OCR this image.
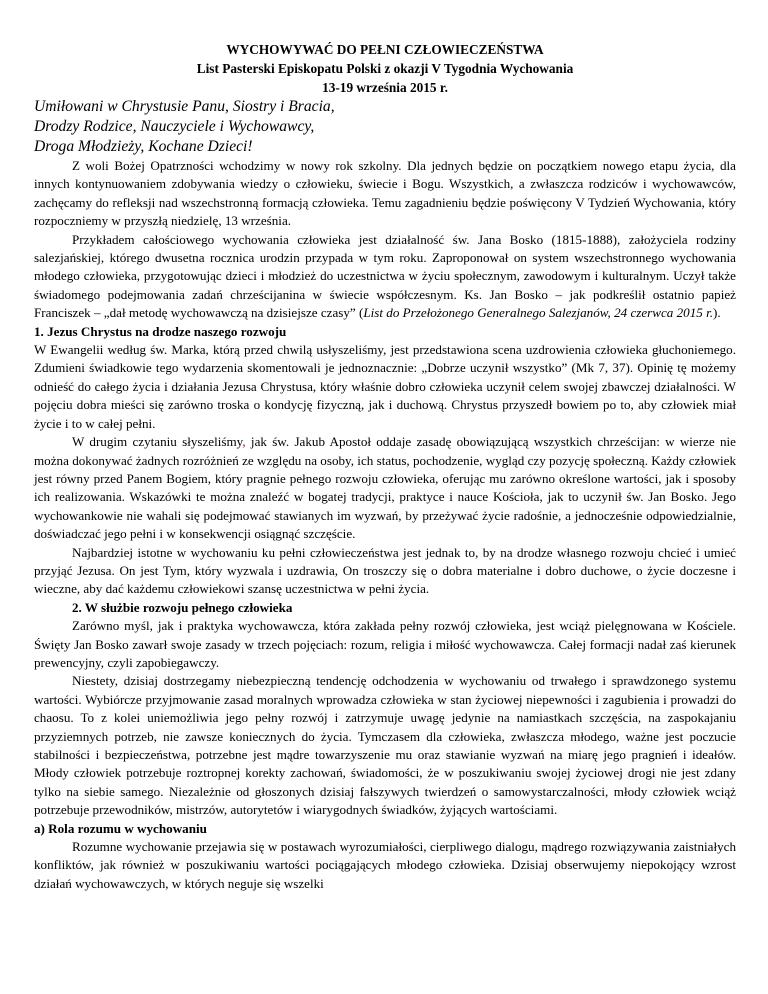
WYCHOWYWAĆ DO PEŁNI CZŁOWIECZEŃSTWA

List Pasterski Episkopatu Polski z okazji V Tygodnia Wychowania

13-19 września 2015 r.

Umiłowani w Chrystusie Panu, Siostry i Bracia,

Drodzy Rodzice, Nauczyciele i Wychowawcy,

Droga Młodzieży, Kochane Dzieci!

Z woli Bożej Opatrzności wchodzimy w nowy rok szkolny. Dla jednych będzie on początkiem nowego etapu życia, dla innych kontynuowaniem zdobywania wiedzy o człowieku, świecie i Bogu. Wszystkich, a zwłaszcza rodziców i wychowawców, zachęcamy do refleksji nad wszechstronną formacją człowieka. Temu zagadnieniu będzie poświęcony V Tydzień Wychowania, który rozpoczniemy w przyszłą niedzielę, 13 września.

Przykładem całościowego wychowania człowieka jest działalność św. Jana Bosko (1815-1888), założyciela rodziny salezjańskiej, którego dwusetna rocznica urodzin przypada w tym roku. Zaproponował on system wszechstronnego wychowania młodego człowieka, przygotowując dzieci i młodzież do uczestnictwa w życiu społecznym, zawodowym i kulturalnym. Uczył także świadomego podejmowania zadań chrześcijanina w świecie współczesnym. Ks. Jan Bosko – jak podkreślił ostatnio papież Franciszek – „dał metodę wychowawczą na dzisiejsze czasy” (List do Przełożonego Generalnego Salezjanów, 24 czerwca 2015 r.).

1. Jezus Chrystus na drodze naszego rozwoju

W Ewangelii według św. Marka, którą przed chwilą usłyszeliśmy, jest przedstawiona scena uzdrowienia człowieka głuchoniemego. Zdumieni świadkowie tego wydarzenia skomentowali je jednoznacznie: „Dobrze uczynił wszystko” (Mk 7, 37). Opinię tę możemy odnieść do całego życia i działania Jezusa Chrystusa, który właśnie dobro człowieka uczynił celem swojej zbawczej działalności. W pojęciu dobra mieści się zarówno troska o kondycję fizyczną, jak i duchową. Chrystus przyszedł bowiem po to, aby człowiek miał życie i to w całej pełni.

W drugim czytaniu słyszeliśmy, jak św. Jakub Apostoł oddaje zasadę obowiązującą wszystkich chrześcijan: w wierze nie można dokonywać żadnych rozróżnień ze względu na osoby, ich status, pochodzenie, wygląd czy pozycję społeczną. Każdy człowiek jest równy przed Panem Bogiem, który pragnie pełnego rozwoju człowieka, oferując mu zarówno określone wartości, jak i sposoby ich realizowania. Wskazówki te można znaleźć w bogatej tradycji, praktyce i nauce Kościoła, jak to uczynił św. Jan Bosko. Jego wychowankowie nie wahali się podejmować stawianych im wyzwań, by przeżywać życie radośnie, a jednocześnie odpowiedzialnie, doświadczać jego pełni i w konsekwencji osiągnąć szczęście.

Najbardziej istotne w wychowaniu ku pełni człowieczeństwa jest jednak to, by na drodze własnego rozwoju chcieć i umieć przyjąć Jezusa. On jest Tym, który wyzwala i uzdrawia, On troszczy się o dobra materialne i dobro duchowe, o życie doczesne i wieczne, aby dać każdemu człowiekowi szansę uczestnictwa w pełni życia.

2. W służbie rozwoju pełnego człowieka

Zarówno myśl, jak i praktyka wychowawcza, która zakłada pełny rozwój człowieka, jest wciąż pielęgnowana w Kościele. Święty Jan Bosko zawarł swoje zasady w trzech pojęciach: rozum, religia i miłość wychowawcza. Całej formacji nadał zaś kierunek prewencyjny, czyli zapobiegawczy.

Niestety, dzisiaj dostrzegamy niebezpieczną tendencję odchodzenia w wychowaniu od trwałego i sprawdzonego systemu wartości. Wybiórcze przyjmowanie zasad moralnych wprowadza człowieka w stan życiowej niepewności i zagubienia i prowadzi do chaosu. To z kolei uniemożliwia jego pełny rozwój i zatrzymuje uwagę jedynie na namiastkach szczęścia, na zaspokajaniu przyziemnych potrzeb, nie zawsze koniecznych do życia. Tymczasem dla człowieka, zwłaszcza młodego, ważne jest poczucie stabilności i bezpieczeństwa, potrzebne jest mądre towarzyszenie mu oraz stawianie wyzwań na miarę jego pragnień i ideałów. Młody człowiek potrzebuje roztropnej korekty zachowań, świadomości, że w poszukiwaniu swojej życiowej drogi nie jest zdany tylko na siebie samego. Niezależnie od głoszonych dzisiaj fałszywych twierdzeń o samowystarczalności, młody człowiek wciąż potrzebuje przewodników, mistrzów, autorytetów i wiarygodnych świadków, żyjących wartościami.

a) Rola rozumu w wychowaniu

Rozumne wychowanie przejawia się w postawach wyrozumiałości, cierpliwego dialogu, mądrego rozwiązywania zaistniałych konfliktów, jak również w poszukiwaniu wartości pociągających młodego człowieka. Dzisiaj obserwujemy niepokojący wzrost działań wychowawczych, w których neguje się wszelki
